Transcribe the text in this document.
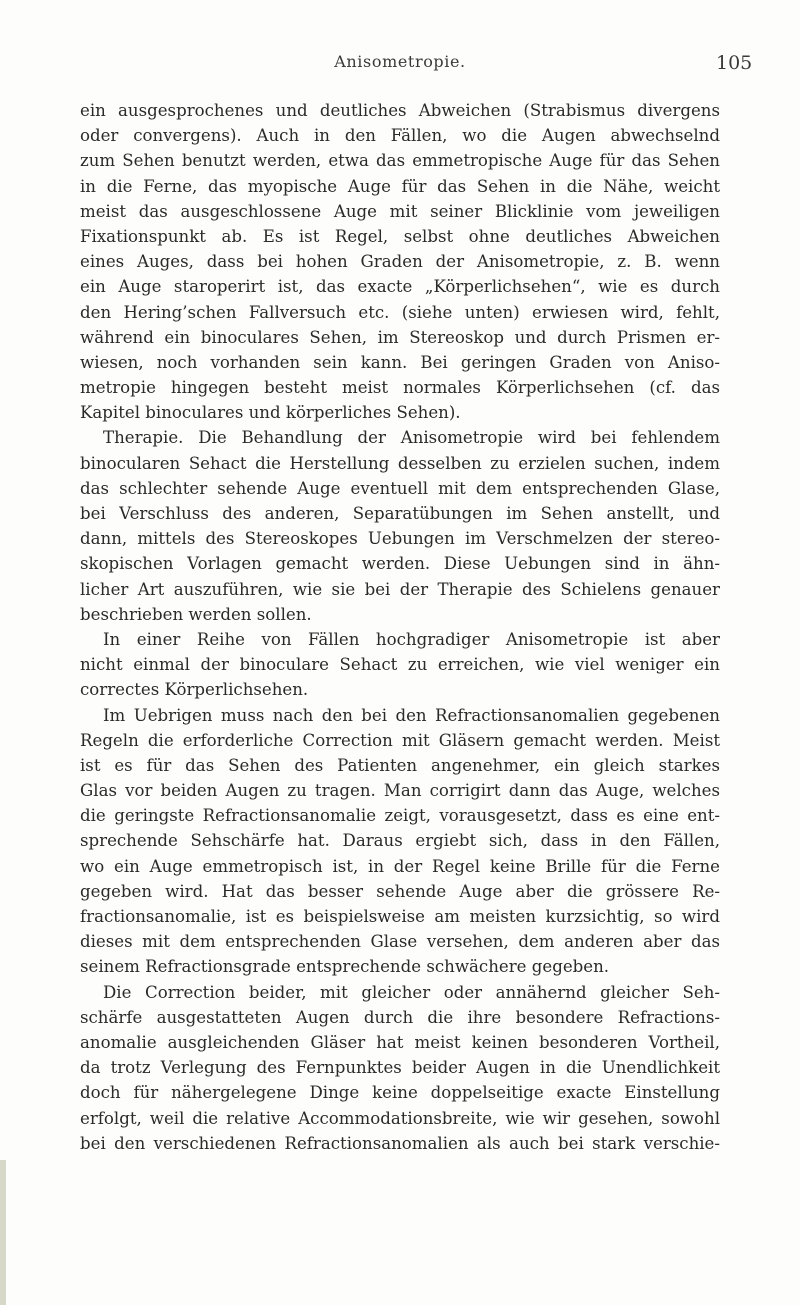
Anisometropie.	105
ein ausgesprochenes und deutliches Abweichen (Strabismus divergens
oder convergens). Auch in den Fällen, wo die Augen abwechselnd
zum Sehen benutzt werden, etwa das emmetropische Auge für das Sehen
in die Ferne, das myopische Auge für das Sehen in die Nähe, weicht
meist das ausgeschlossene Auge mit seiner Blicklinie vom jeweiligen
Fixationspunkt ab. Es ist Regel, selbst ohne deutliches Abweichen
eines Auges, dass bei hohen Graden der Anisometropie, z. B. wenn
ein Auge staroperirt ist, das exacte „Körperlichsehen“, wie es durch
den Hering’schen Fallversuch etc. (siehe unten) erwiesen wird, fehlt,
während ein binoculares Sehen, im Stereoskop und durch Prismen er-
wiesen, noch vorhanden sein kann. Bei geringen Graden von Aniso-
metropie hingegen besteht meist normales Körperlichsehen (cf. das
Kapitel binoculares und körperliches Sehen).
Therapie. Die Behandlung der Anisometropie wird bei fehlendem
binocularen Sehact die Herstellung desselben zu erzielen suchen, indem
das schlechter sehende Auge eventuell mit dem entsprechenden Glase,
bei Verschluss des anderen, Separatübungen im Sehen anstellt, und
dann, mittels des Stereoskopes Uebungen im Verschmelzen der stereo-
skopischen Vorlagen gemacht werden. Diese Uebungen sind in ähn-
licher Art auszuführen, wie sie bei der Therapie des Schielens genauer
beschrieben werden sollen.
In einer Reihe von Fällen hochgradiger Anisometropie ist aber
nicht einmal der binoculare Sehact zu erreichen, wie viel weniger ein
correctes Körperlichsehen.
Im Uebrigen muss nach den bei den Refractionsanomalien gegebenen
Regeln die erforderliche Correction mit Gläsern gemacht werden. Meist
ist es für das Sehen des Patienten angenehmer, ein gleich starkes
Glas vor beiden Augen zu tragen. Man corrigirt dann das Auge, welches
die geringste Refractionsanomalie zeigt, vorausgesetzt, dass es eine ent-
sprechende Sehschärfe hat. Daraus ergiebt sich, dass in den Fällen,
wo ein Auge emmetropisch ist, in der Regel keine Brille für die Ferne
gegeben wird. Hat das besser sehende Auge aber die grössere Re-
fractionsanomalie, ist es beispielsweise am meisten kurzsichtig, so wird
dieses mit dem entsprechenden Glase versehen, dem anderen aber das
seinem Refractionsgrade entsprechende schwächere gegeben.
Die Correction beider, mit gleicher oder annähernd gleicher Seh-
schärfe ausgestatteten Augen durch die ihre besondere Refractions-
anomalie ausgleichenden Gläser hat meist keinen besonderen Vortheil,
da trotz Verlegung des Fernpunktes beider Augen in die Unendlichkeit
doch für nähergelegene Dinge keine doppelseitige exacte Einstellung
erfolgt, weil die relative Accommodationsbreite, wie wir gesehen, sowohl
bei den verschiedenen Refractionsanomalien als auch bei stark verschie-
